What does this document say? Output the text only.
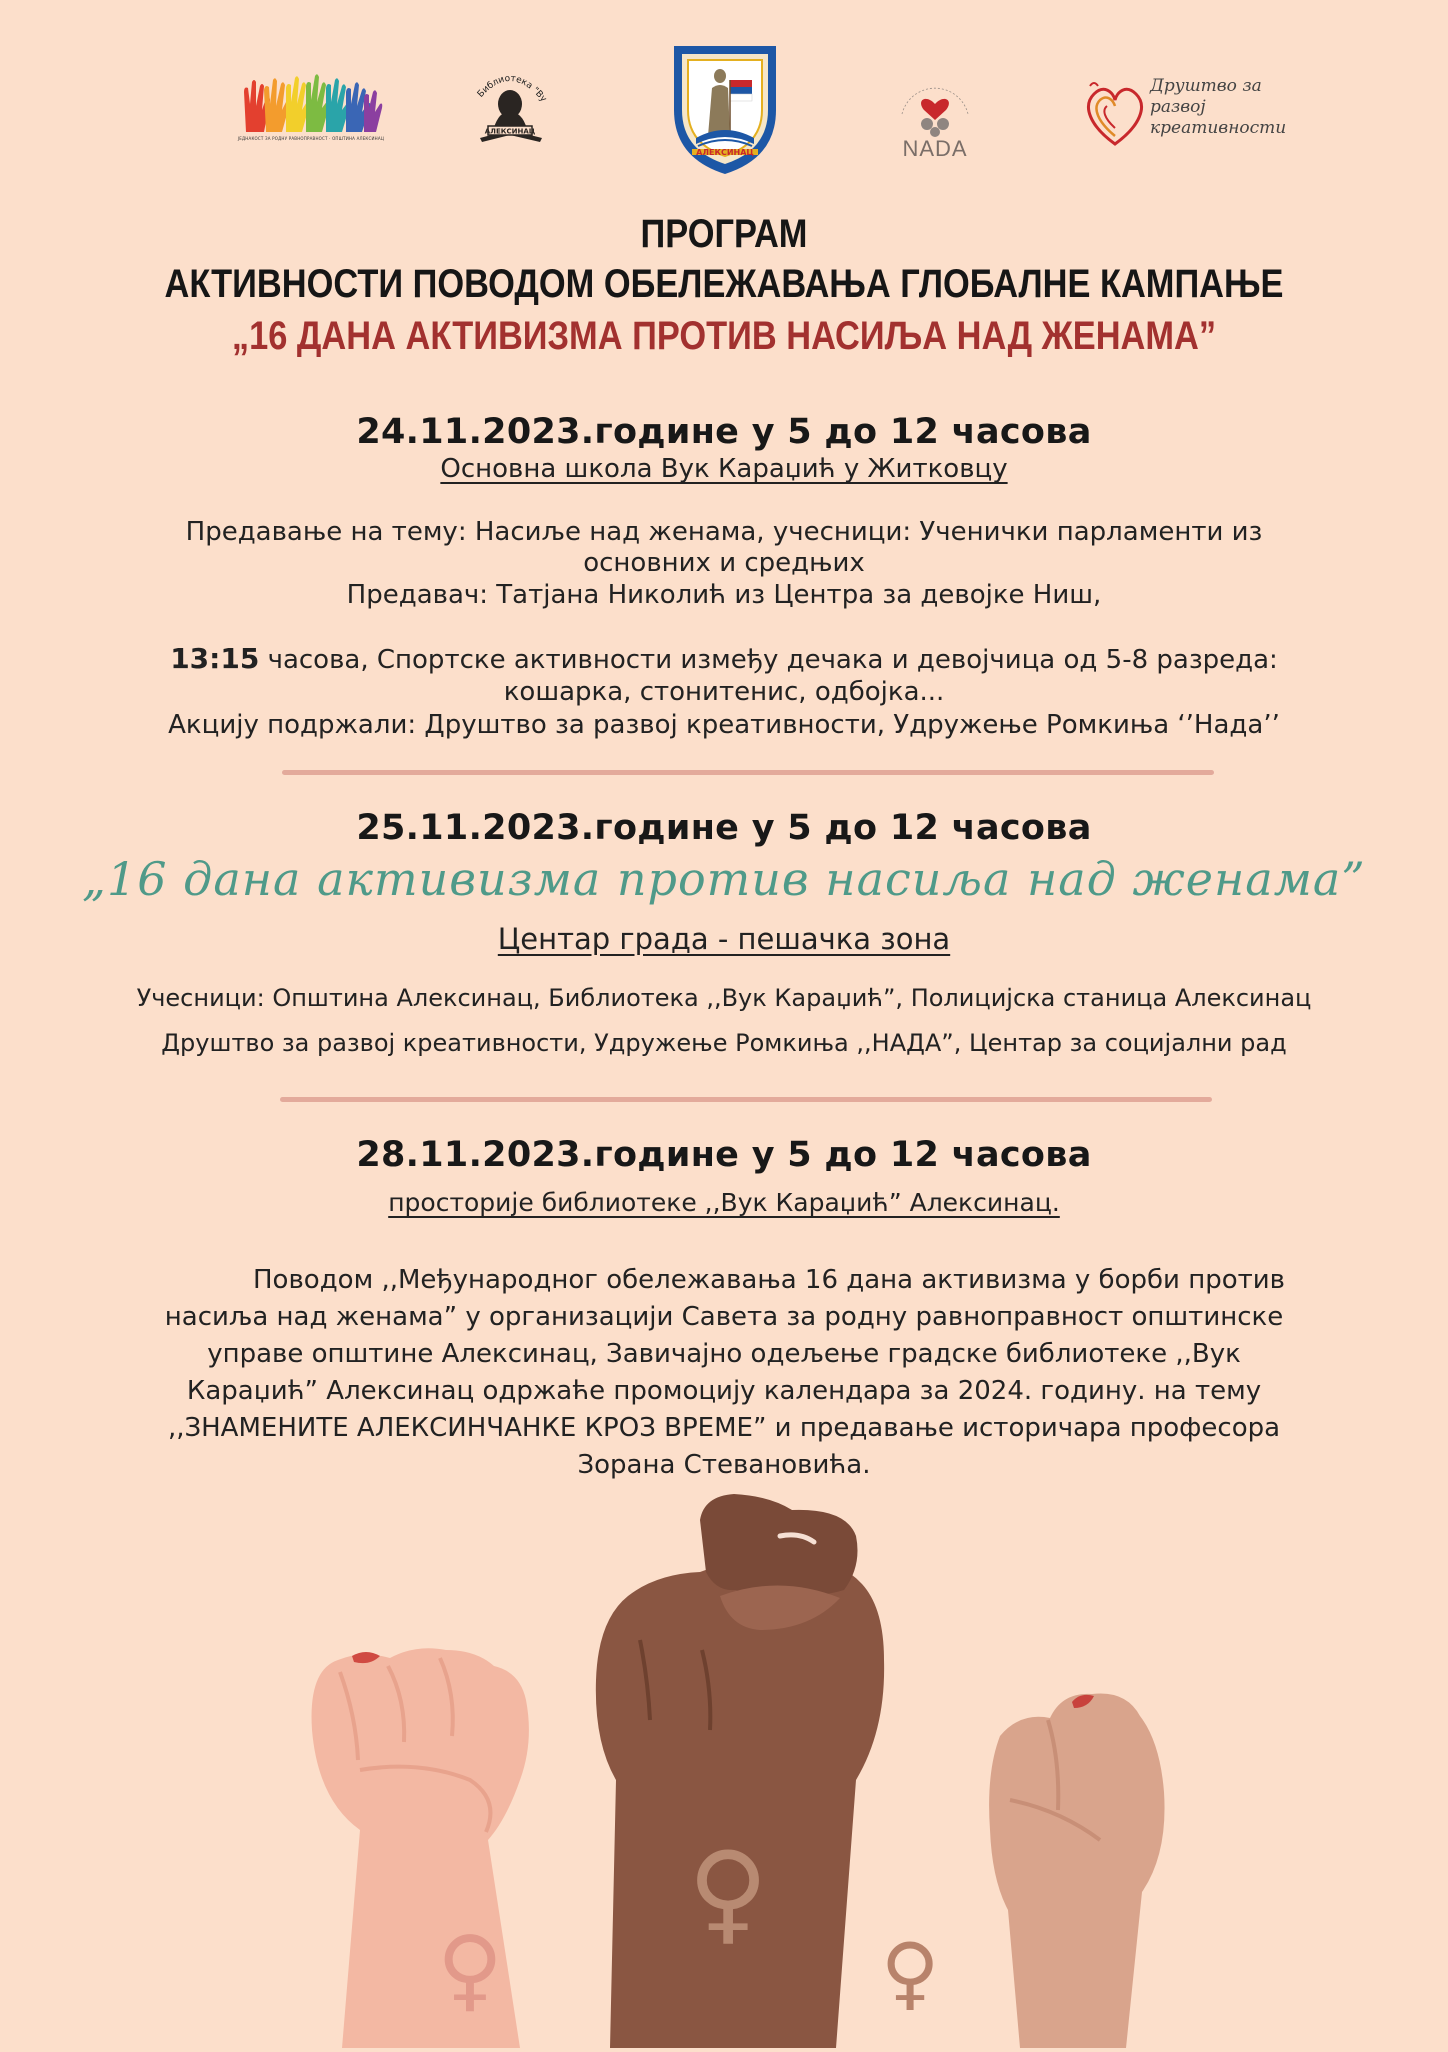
ЈЕДНАКОСТ ЗА РОДНУ РАВНОПРАВНОСТ · ОПШТИНА АЛЕКСИНАЦ
Библиотека "Ву
АЛЕКСИНАЦ
АЛЕКСИНАЦ	NADA
Друштво за развој креативности
ПРОГРАМ
АКТИВНОСТИ ПОВОДОМ ОБЕЛЕЖАВАЊА ГЛОБАЛНЕ КАМПАЊЕ
„16 ДАНА АКТИВИЗМА ПРОТИВ НАСИЉА НАД ЖЕНАМА”
24.11.2023.године у 5 до 12 часова
Основна школа Вук Караџић у Житковцу
Предавање на тему: Насиље над женама, учесници: Ученички парламенти из
основних и средњих
Предавач: Татјана Николић из Центра за девојке Ниш,
13:15 часова, Спортске активности између дечака и девојчица од 5-8 разреда:
кошарка, стонитенис, одбојка...
Акцију подржали: Друштво за развој креативности, Удружење Ромкиња ‘’Нада’’
25.11.2023.године у 5 до 12 часова
„16 дана активизма против насиља над женама”
Центар града - пешачка зона
Учесници: Општина Алексинац, Библиотека ,,Вук Караџић”, Полицијска станица Алексинац
Друштво за развој креативности, Удружење Ромкиња ,,НАДА”, Центар за социјални рад
28.11.2023.године у 5 до 12 часова
просторије библиотеке ,,Вук Караџић” Алексинац.
Поводом ,,Међународног обележавања 16 дана активизма у борби против
насиља над женама” у организацији Савета за родну равноправност општинске
управе општине Алексинац, Завичајно одељење градске библиотеке ,,Вук
Караџић” Алексинац одржаће промоцију календара за 2024. годину. на тему
,,ЗНАМЕНИТЕ АЛЕКСИНЧАНКЕ КРОЗ ВРЕМЕ” и предавање историчара професора
Зорана Стевановића.
♀	♀
♀
